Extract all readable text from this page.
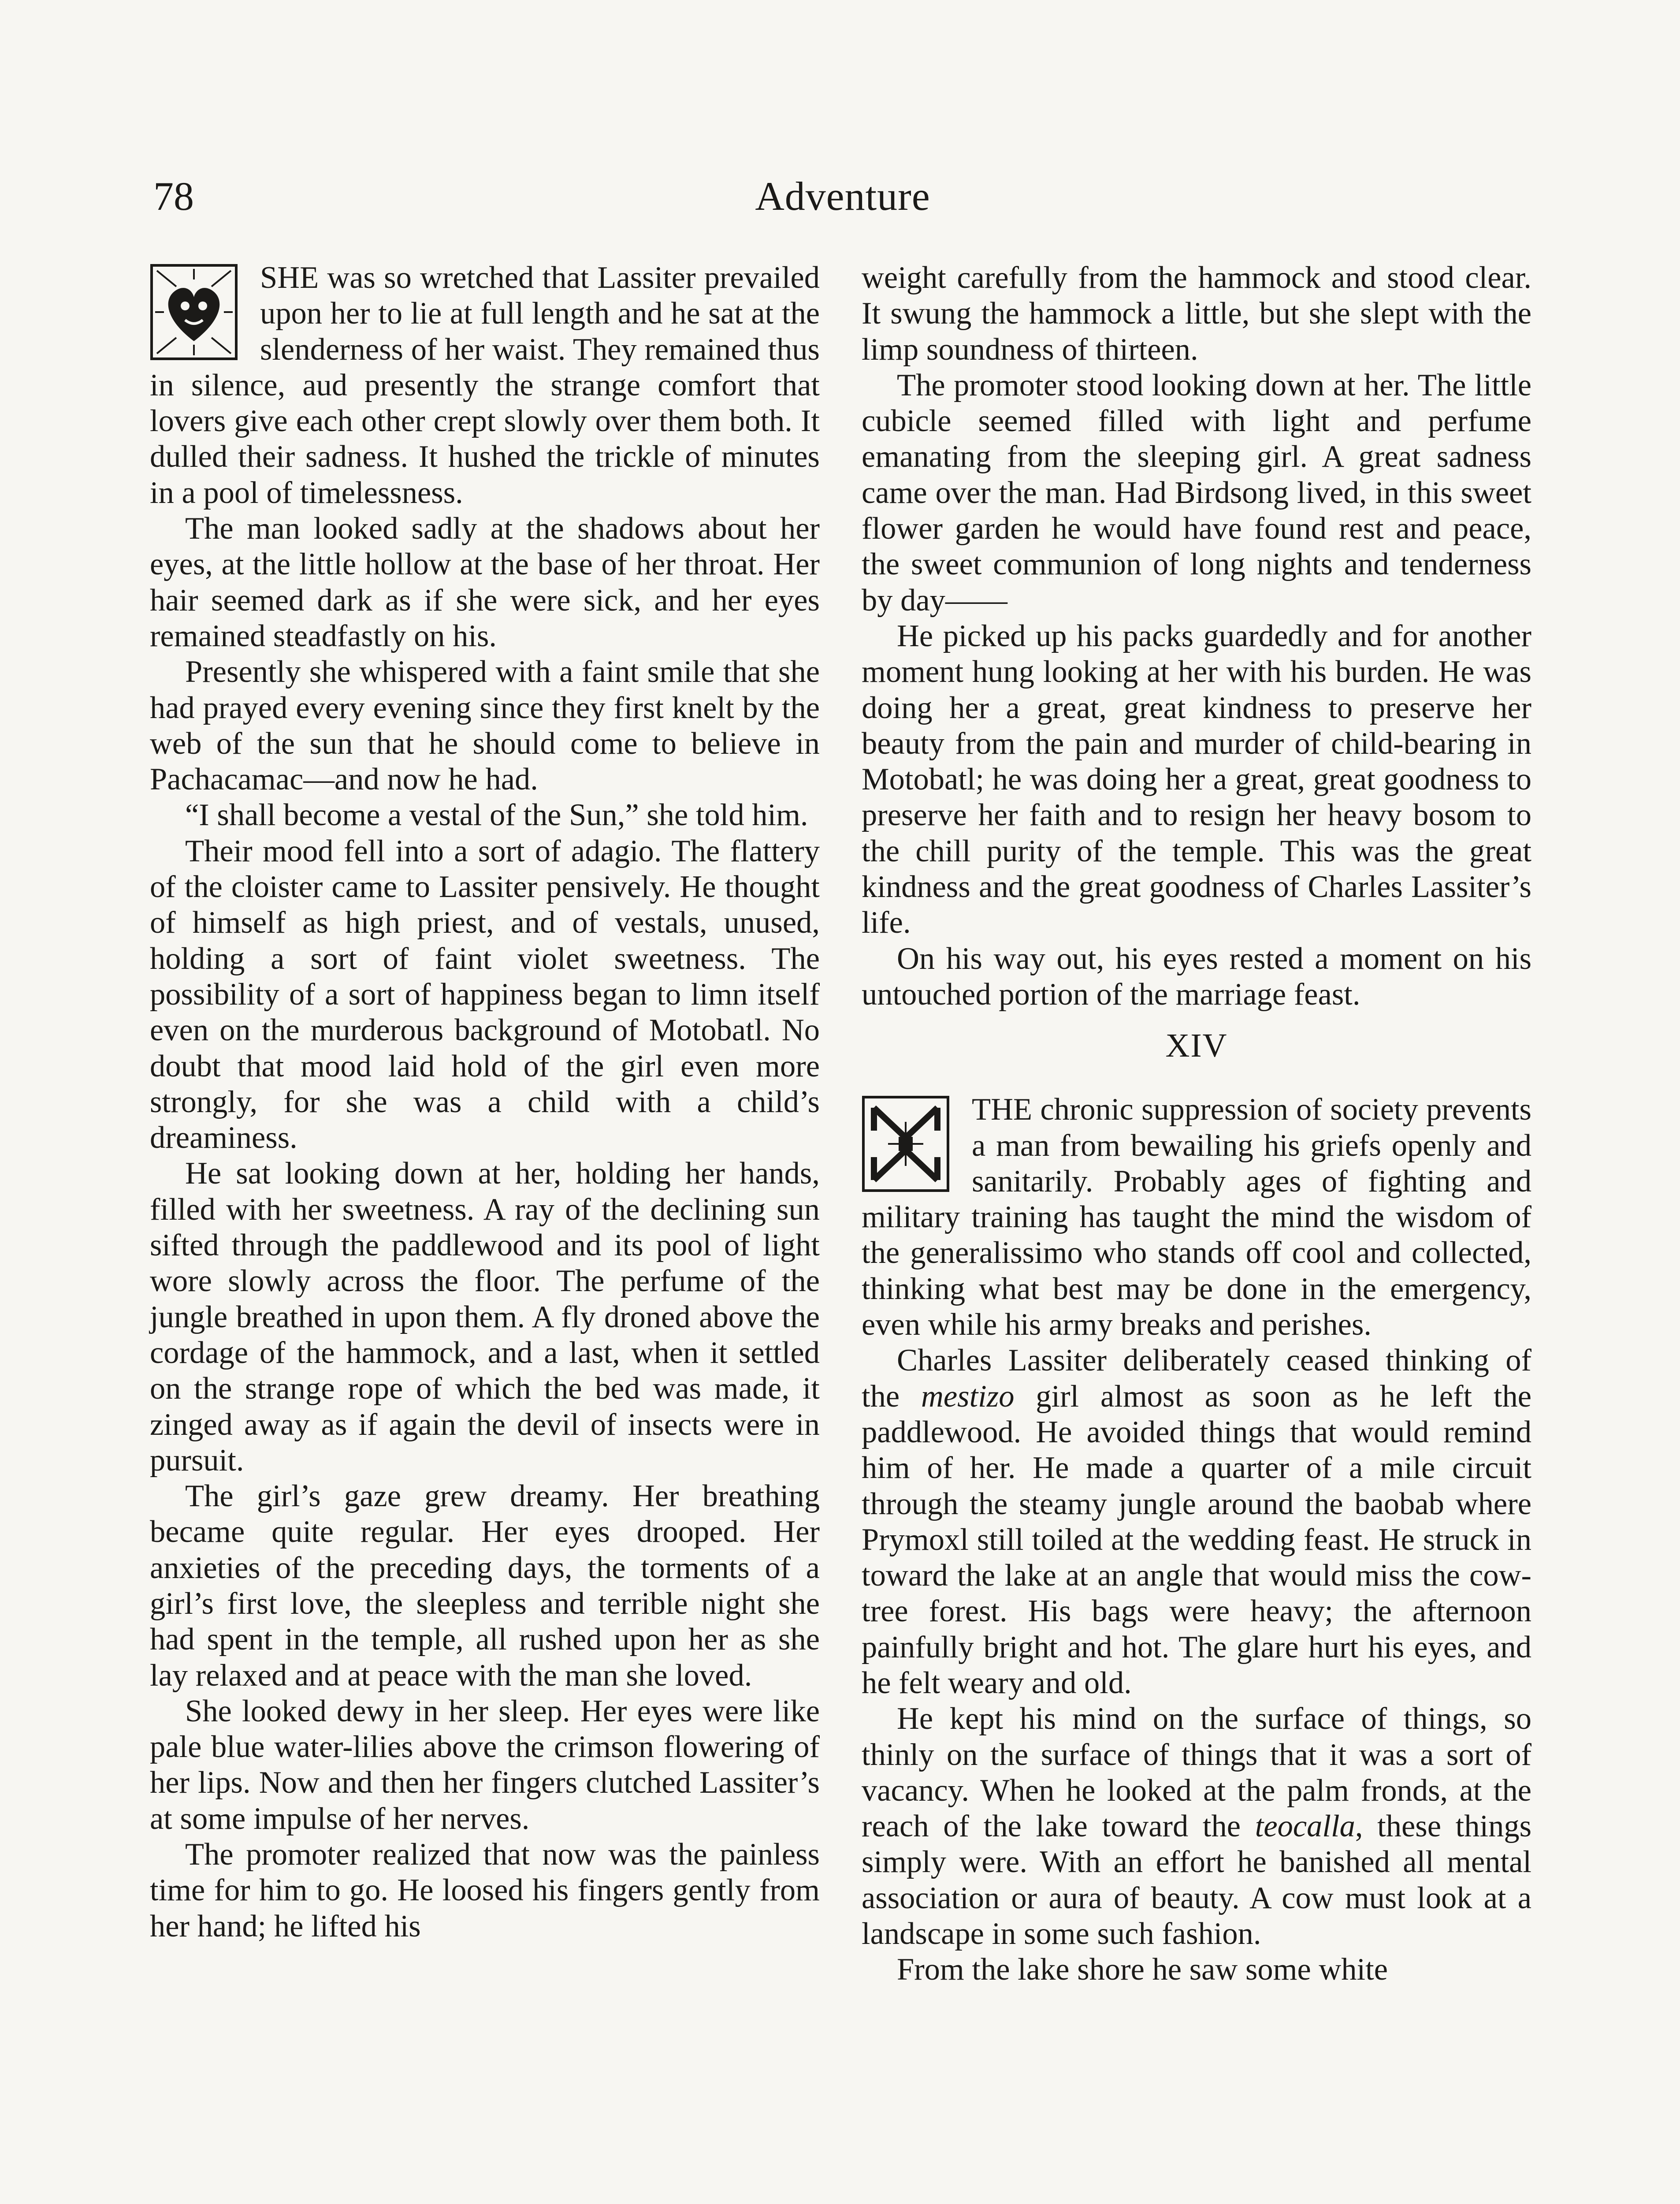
78	Adventure

SHE was so wretched that Lassiter prevailed upon her to lie at full length and he sat at the slenderness of her waist. They remained thus in silence, aud presently the strange comfort that lovers give each other crept slowly over them both. It dulled their sadness. It hushed the trickle of minutes in a pool of timelessness.

The man looked sadly at the shadows about her eyes, at the little hollow at the base of her throat. Her hair seemed dark as if she were sick, and her eyes remained steadfastly on his.

Presently she whispered with a faint smile that she had prayed every evening since they first knelt by the web of the sun that he should come to believe in Pachacamac—and now he had.

“I shall become a vestal of the Sun,” she told him.

Their mood fell into a sort of adagio. The flattery of the cloister came to Lassiter pensively. He thought of himself as high priest, and of vestals, unused, holding a sort of faint violet sweetness. The possibility of a sort of happiness began to limn itself even on the murderous background of Motobatl. No doubt that mood laid hold of the girl even more strongly, for she was a child with a child’s dreaminess.

He sat looking down at her, holding her hands, filled with her sweetness. A ray of the declining sun sifted through the paddlewood and its pool of light wore slowly across the floor. The perfume of the jungle breathed in upon them. A fly droned above the cordage of the hammock, and a last, when it settled on the strange rope of which the bed was made, it zinged away as if again the devil of insects were in pursuit.

The girl’s gaze grew dreamy. Her breathing became quite regular. Her eyes drooped. Her anxieties of the preceding days, the torments of a girl’s first love, the sleepless and terrible night she had spent in the temple, all rushed upon her as she lay relaxed and at peace with the man she loved.

She looked dewy in her sleep. Her eyes were like pale blue water-lilies above the crimson flowering of her lips. Now and then her fingers clutched Lassiter’s at some impulse of her nerves.

The promoter realized that now was the painless time for him to go. He loosed his fingers gently from her hand; he lifted his

weight carefully from the hammock and stood clear. It swung the hammock a little, but she slept with the limp soundness of thirteen.

The promoter stood looking down at her. The little cubicle seemed filled with light and perfume emanating from the sleeping girl. A great sadness came over the man. Had Birdsong lived, in this sweet flower garden he would have found rest and peace, the sweet communion of long nights and tenderness by day——

He picked up his packs guardedly and for another moment hung looking at her with his burden. He was doing her a great, great kindness to preserve her beauty from the pain and murder of child-bearing in Motobatl; he was doing her a great, great goodness to preserve her faith and to resign her heavy bosom to the chill purity of the temple. This was the great kindness and the great goodness of Charles Lassiter’s life.

On his way out, his eyes rested a moment on his untouched portion of the marriage feast.

XIV

THE chronic suppression of society prevents a man from bewailing his griefs openly and sanitarily. Probably ages of fighting and military training has taught the mind the wisdom of the generalissimo who stands off cool and collected, thinking what best may be done in the emergency, even while his army breaks and perishes.

Charles Lassiter deliberately ceased thinking of the mestizo girl almost as soon as he left the paddlewood. He avoided things that would remind him of her. He made a quarter of a mile circuit through the steamy jungle around the baobab where Prymoxl still toiled at the wedding feast. He struck in toward the lake at an angle that would miss the cow-tree forest. His bags were heavy; the afternoon painfully bright and hot. The glare hurt his eyes, and he felt weary and old.

He kept his mind on the surface of things, so thinly on the surface of things that it was a sort of vacancy. When he looked at the palm fronds, at the reach of the lake toward the teocalla, these things simply were. With an effort he banished all mental association or aura of beauty. A cow must look at a landscape in some such fashion.

From the lake shore he saw some white
